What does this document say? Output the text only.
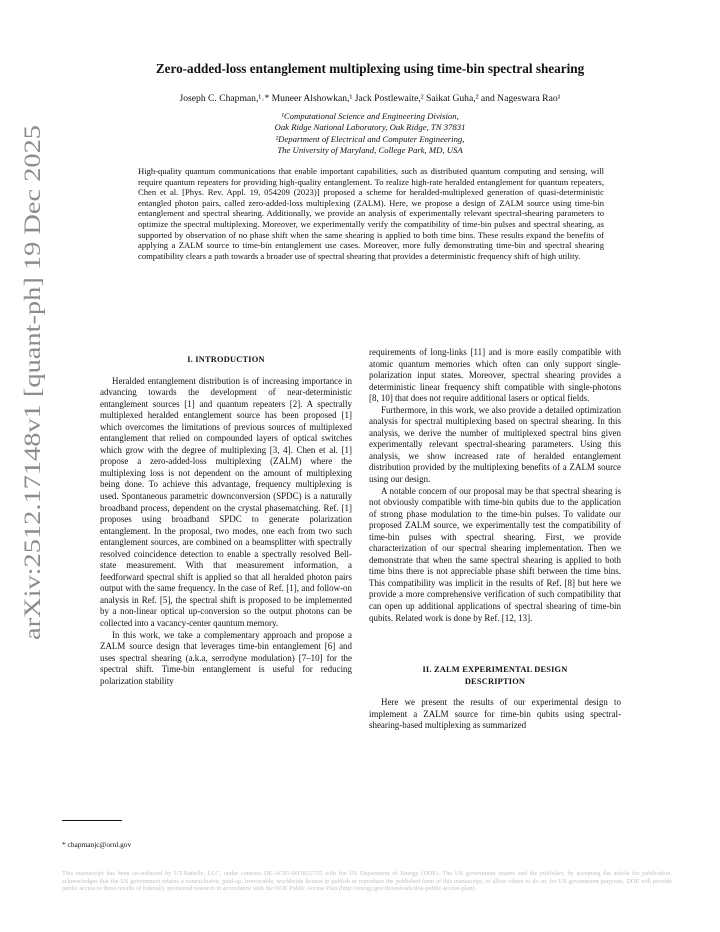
arXiv:2512.17148v1 [quant-ph] 19 Dec 2025
Zero-added-loss entanglement multiplexing using time-bin spectral shearing
Joseph C. Chapman,¹˒* Muneer Alshowkan,¹ Jack Postlewaite,² Saikat Guha,² and Nageswara Rao¹
¹Computational Science and Engineering Division,
Oak Ridge National Laboratory, Oak Ridge, TN 37831
²Department of Electrical and Computer Engineering,
The University of Maryland, College Park, MD, USA
High-quality quantum communications that enable important capabilities, such as distributed quantum computing and sensing, will require quantum repeaters for providing high-quality entanglement. To realize high-rate heralded entanglement for quantum repeaters, Chen et al. [Phys. Rev. Appl. 19, 054209 (2023)] proposed a scheme for heralded-multiplexed generation of quasi-deterministic entangled photon pairs, called zero-added-loss multiplexing (ZALM). Here, we propose a design of ZALM source using time-bin entanglement and spectral shearing. Additionally, we provide an analysis of experimentally relevant spectral-shearing parameters to optimize the spectral multiplexing. Moreover, we experimentally verify the compatibility of time-bin pulses and spectral shearing, as supported by observation of no phase shift when the same shearing is applied to both time bins. These results expand the benefits of applying a ZALM source to time-bin entanglement use cases. Moreover, more fully demonstrating time-bin and spectral shearing compatibility clears a path towards a broader use of spectral shearing that provides a deterministic frequency shift of high utility.
I. INTRODUCTION

Heralded entanglement distribution is of increasing importance in advancing towards the development of near-deterministic entanglement sources [1] and quantum repeaters [2]. A spectrally multiplexed heralded entanglement source has been proposed [1] which overcomes the limitations of previous sources of multiplexed entanglement that relied on compounded layers of optical switches which grow with the degree of multiplexing [3, 4]. Chen et al. [1] propose a zero-added-loss multiplexing (ZALM) where the multiplexing loss is not dependent on the amount of multiplexing being done. To achieve this advantage, frequency multiplexing is used. Spontaneous parametric downconversion (SPDC) is a naturally broadband process, dependent on the crystal phasematching. Ref. [1] proposes using broadband SPDC to generate polarization entanglement. In the proposal, two modes, one each from two such entanglement sources, are combined on a beamsplitter with spectrally resolved coincidence detection to enable a spectrally resolved Bell-state measurement. With that measurement information, a feedforward spectral shift is applied so that all heralded photon pairs output with the same frequency. In the case of Ref. [1], and follow-on analysis in Ref. [5], the spectral shift is proposed to be implemented by a non-linear optical up-conversion so the output photons can be collected into a vacancy-center qauntum memory.

In this work, we take a complementary approach and propose a ZALM source design that leverages time-bin entanglement [6] and uses spectral shearing (a.k.a, serrodyne modulation) [7–10] for the spectral shift. Time-bin entanglement is useful for reducing polarization stability

requirements of long-links [11] and is more easily compatible with atomic quantum memories which often can only support single-polarization input states. Moreover, spectral shearing provides a deterministic linear frequency shift compatible with single-photons [8, 10] that does not require additional lasers or optical fields.

Furthermore, in this work, we also provide a detailed optimization analysis for spectral multiplexing based on spectral shearing. In this analysis, we derive the number of multiplexed spectral bins given experimentally relevant spectral-shearing parameters. Using this analysis, we show increased rate of heralded entanglement distribution provided by the multiplexing benefits of a ZALM source using our design.

A notable concern of our proposal may be that spectral shearing is not obviously compatible with time-bin qubits due to the application of strong phase modulation to the time-bin pulses. To validate our proposed ZALM source, we experimentally test the compatibility of time-bin pulses with spectral shearing. First, we provide characterization of our spectral shearing implementation. Then we demonstrate that when the same spectral shearing is applied to both time bins there is not appreciable phase shift between the time bins. This compatibility was implicit in the results of Ref. [8] but here we provide a more comprehensive verification of such compatibility that can open up additional applications of spectral shearing of time-bin qubits. Related work is done by Ref. [12, 13].

II. ZALM EXPERIMENTAL DESIGN
DESCRIPTION

Here we present the results of our experimental design to implement a ZALM source for time-bin qubits using spectral-shearing-based multiplexing as summarized

* chapmanjc@ornl.gov
This manuscript has been co-authored by UT-Battelle, LLC, under contract DE-AC05-00OR22725 with the US Department of Energy (DOE). The US government retains and the publisher, by accepting the article for publication, acknowledges that the US government retains a nonexclusive, paid-up, irrevocable, worldwide license to publish or reproduce the published form of this manuscript, or allow others to do so, for US government purposes. DOE will provide public access to these results of federally sponsored research in accordance with the DOE Public Access Plan (http://energy.gov/downloads/doe-public-access-plan).
